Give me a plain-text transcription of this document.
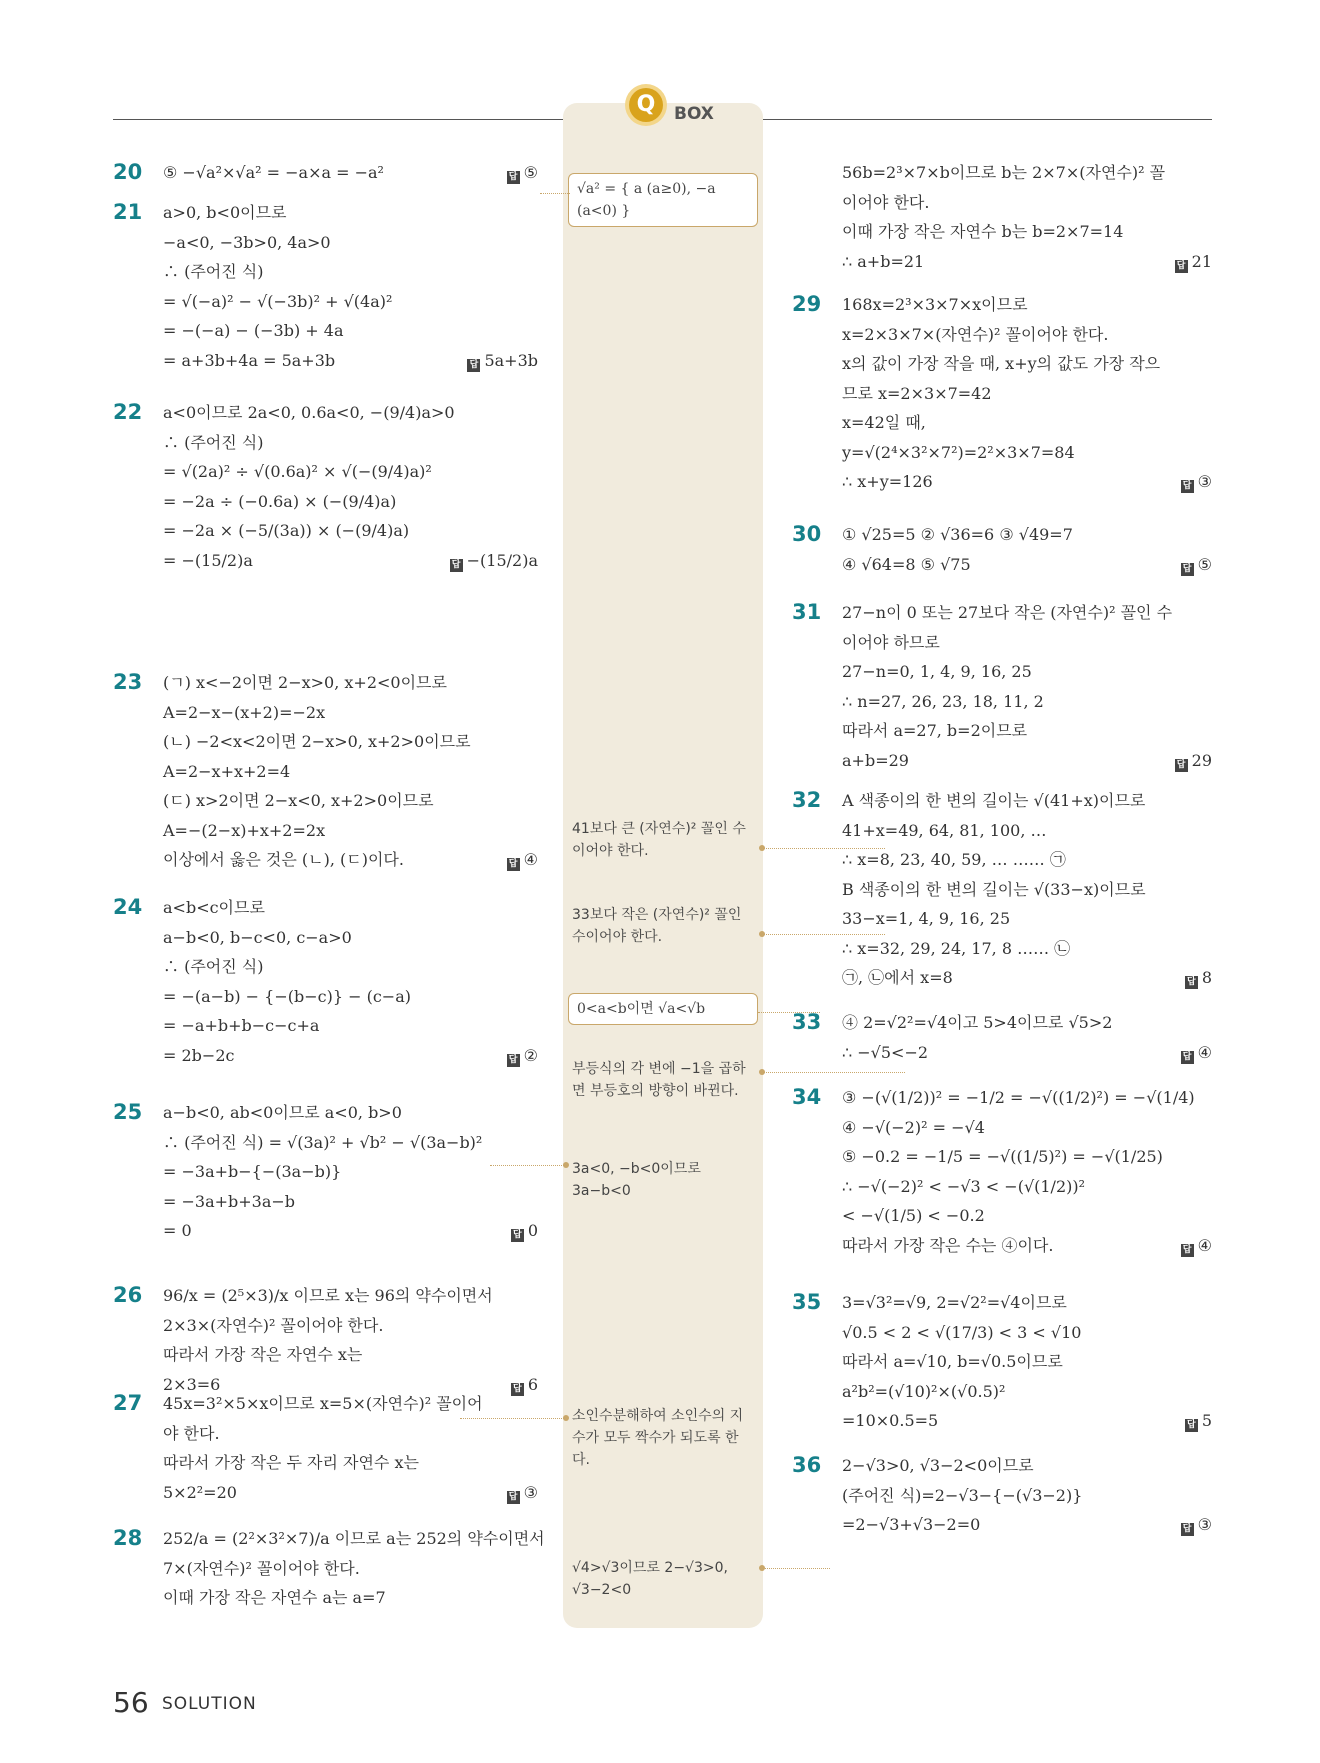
Q	BOX
20 ⑤ −√a²×√a² = −a×a = −a²	답 ⑤
21 a>0, b<0이므로
−a<0, −3b>0, 4a>0
∴ (주어진 식)
= √(−a)² − √(−3b)² + √(4a)²
= −(−a) − (−3b) + 4a
= a+3b+4a = 5a+3b	답 5a+3b
22 a<0이므로 2a<0, 0.6a<0, −(9/4)a>0
∴ (주어진 식)
= √(2a)² ÷ √(0.6a)² × √(−(9/4)a)²
= −2a ÷ (−0.6a) × (−(9/4)a)
= −2a × (−5/(3a)) × (−(9/4)a)
= −(15/2)a	답 −(15/2)a
23 (ㄱ) x<−2이면 2−x>0, x+2<0이므로
A=2−x−(x+2)=−2x
(ㄴ) −2<x<2이면 2−x>0, x+2>0이므로
A=2−x+x+2=4
(ㄷ) x>2이면 2−x<0, x+2>0이므로
A=−(2−x)+x+2=2x
이상에서 옳은 것은 (ㄴ), (ㄷ)이다.	답 ④
24 a<b<c이므로
a−b<0, b−c<0, c−a>0
∴ (주어진 식)
= −(a−b) − {−(b−c)} − (c−a)
= −a+b+b−c−c+a
= 2b−2c	답 ②
25 a−b<0, ab<0이므로 a<0, b>0
∴ (주어진 식) = √(3a)² + √b² − √(3a−b)²
= −3a+b−{−(3a−b)}
= −3a+b+3a−b
= 0	답 0
26 96/x = (2⁵×3)/x 이므로 x는 96의 약수이면서
2×3×(자연수)² 꼴이어야 한다.
따라서 가장 작은 자연수 x는
2×3=6	답 6
27 45x=3²×5×x이므로 x=5×(자연수)² 꼴이어
야 한다.
따라서 가장 작은 두 자리 자연수 x는
5×2²=20	답 ③
28 252/a = (2²×3²×7)/a 이므로 a는 252의 약수이면서
7×(자연수)² 꼴이어야 한다.
이때 가장 작은 자연수 a는 a=7
56b=2³×7×b이므로 b는 2×7×(자연수)² 꼴
이어야 한다.
이때 가장 작은 자연수 b는 b=2×7=14
∴ a+b=21	답 21
29 168x=2³×3×7×x이므로
x=2×3×7×(자연수)² 꼴이어야 한다.
x의 값이 가장 작을 때, x+y의 값도 가장 작으
므로 x=2×3×7=42
x=42일 때,
y=√(2⁴×3²×7²)=2²×3×7=84
∴ x+y=126	답 ③
30 ① √25=5 ② √36=6 ③ √49=7
④ √64=8 ⑤ √75	답 ⑤
31 27−n이 0 또는 27보다 작은 (자연수)² 꼴인 수
이어야 하므로
27−n=0, 1, 4, 9, 16, 25
∴ n=27, 26, 23, 18, 11, 2
따라서 a=27, b=2이므로
a+b=29	답 29
32 A 색종이의 한 변의 길이는 √(41+x)이므로
41+x=49, 64, 81, 100, …
∴ x=8, 23, 40, 59, … …… ㉠
B 색종이의 한 변의 길이는 √(33−x)이므로
33−x=1, 4, 9, 16, 25
∴ x=32, 29, 24, 17, 8 …… ㉡
㉠, ㉡에서 x=8	답 8
33 ④ 2=√2²=√4이고 5>4이므로 √5>2
∴ −√5<−2	답 ④
34 ③ −(√(1/2))² = −1/2 = −√((1/2)²) = −√(1/4)
④ −√(−2)² = −√4
⑤ −0.2 = −1/5 = −√((1/5)²) = −√(1/25)
∴ −√(−2)² < −√3 < −(√(1/2))²
< −√(1/5) < −0.2
따라서 가장 작은 수는 ④이다.	답 ④
35 3=√3²=√9, 2=√2²=√4이므로
√0.5 < 2 < √(17/3) < 3 < √10
따라서 a=√10, b=√0.5이므로
a²b²=(√10)²×(√0.5)²
=10×0.5=5	답 5
36 2−√3>0, √3−2<0이므로
(주어진 식)=2−√3−{−(√3−2)}
=2−√3+√3−2=0	답 ③
√a² = { a (a≥0), −a (a<0) }
41보다 큰 (자연수)² 꼴인 수이어야 한다.
33보다 작은 (자연수)² 꼴인 수이어야 한다.
0<a<b이면 √a<√b
부등식의 각 변에 −1을 곱하면 부등호의 방향이 바뀐다.
3a<0, −b<0이므로 3a−b<0
소인수분해하여 소인수의 지수가 모두 짝수가 되도록 한다.
√4>√3이므로 2−√3>0, √3−2<0
56 SOLUTION
